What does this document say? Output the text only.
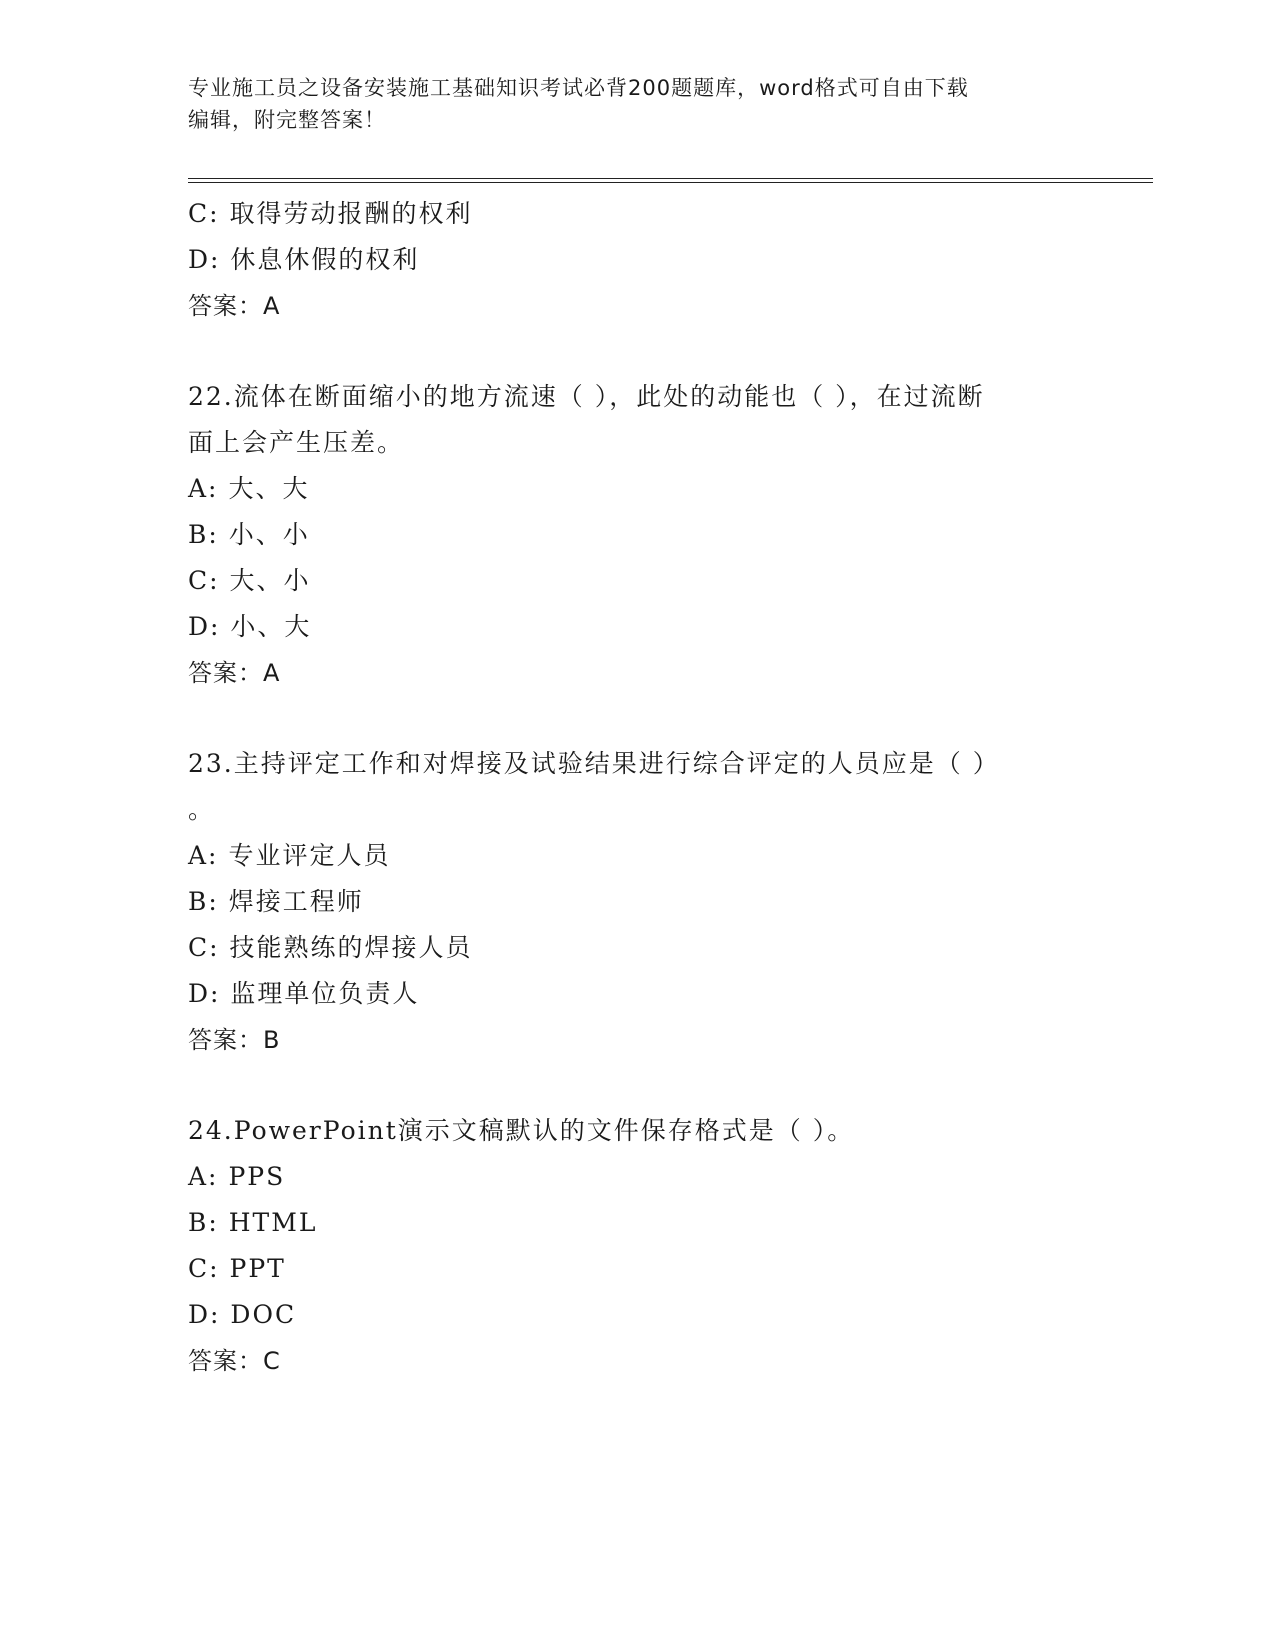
专业施工员之设备安装施工基础知识考试必背200题题库，word格式可自由下载
编辑，附完整答案！
C: 取得劳动报酬的权利
D: 休息休假的权利
答案：A
22.流体在断面缩小的地方流速（ ），此处的动能也（ ），在过流断
面上会产生压差。
A: 大、大
B: 小、小
C: 大、小
D: 小、大
答案：A
23.主持评定工作和对焊接及试验结果进行综合评定的人员应是（ ）
。
A: 专业评定人员
B: 焊接工程师
C: 技能熟练的焊接人员
D: 监理单位负责人
答案：B
24.PowerPoint演示文稿默认的文件保存格式是（ ）。
A: PPS
B: HTML
C: PPT
D: DOC
答案：C
